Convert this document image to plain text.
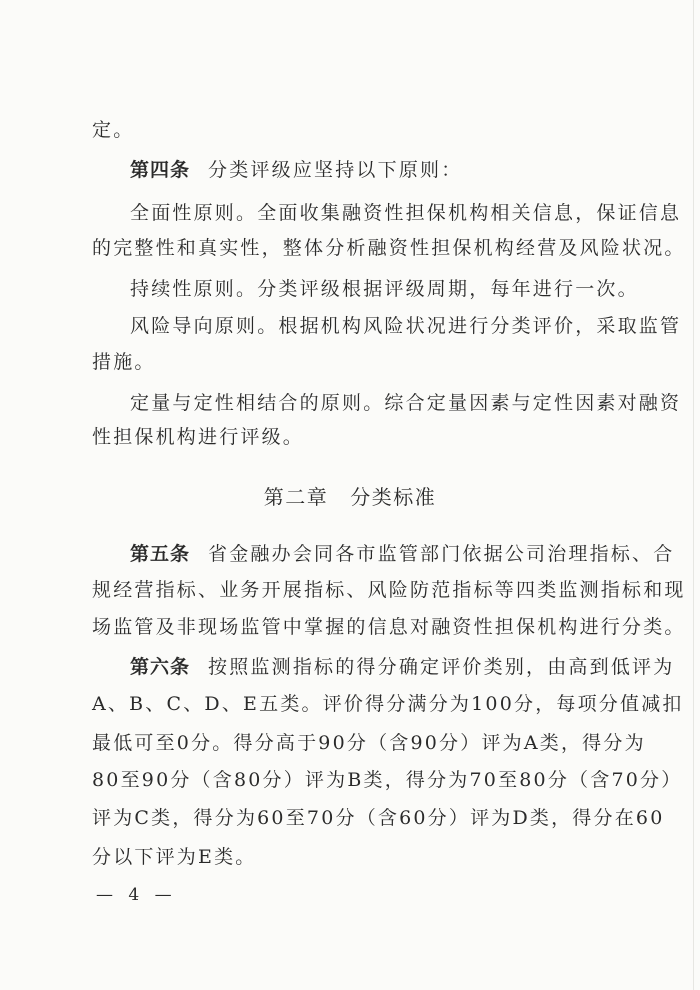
定。
第四条 分类评级应坚持以下原则：
全面性原则。全面收集融资性担保机构相关信息，保证信息
的完整性和真实性，整体分析融资性担保机构经营及风险状况。
持续性原则。分类评级根据评级周期，每年进行一次。
风险导向原则。根据机构风险状况进行分类评价，采取监管
措施。
定量与定性相结合的原则。综合定量因素与定性因素对融资
性担保机构进行评级。
第二章 分类标准
第五条 省金融办会同各市监管部门依据公司治理指标、合
规经营指标、业务开展指标、风险防范指标等四类监测指标和现
场监管及非现场监管中掌握的信息对融资性担保机构进行分类。
第六条 按照监测指标的得分确定评价类别，由高到低评为
A、B、C、D、E五类。评价得分满分为100分，每项分值减扣
最低可至0分。得分高于90分（含90分）评为A类，得分为
80至90分（含80分）评为B类，得分为70至80分（含70分）
评为C类，得分为60至70分（含60分）评为D类，得分在60
分以下评为E类。
— 4 —
